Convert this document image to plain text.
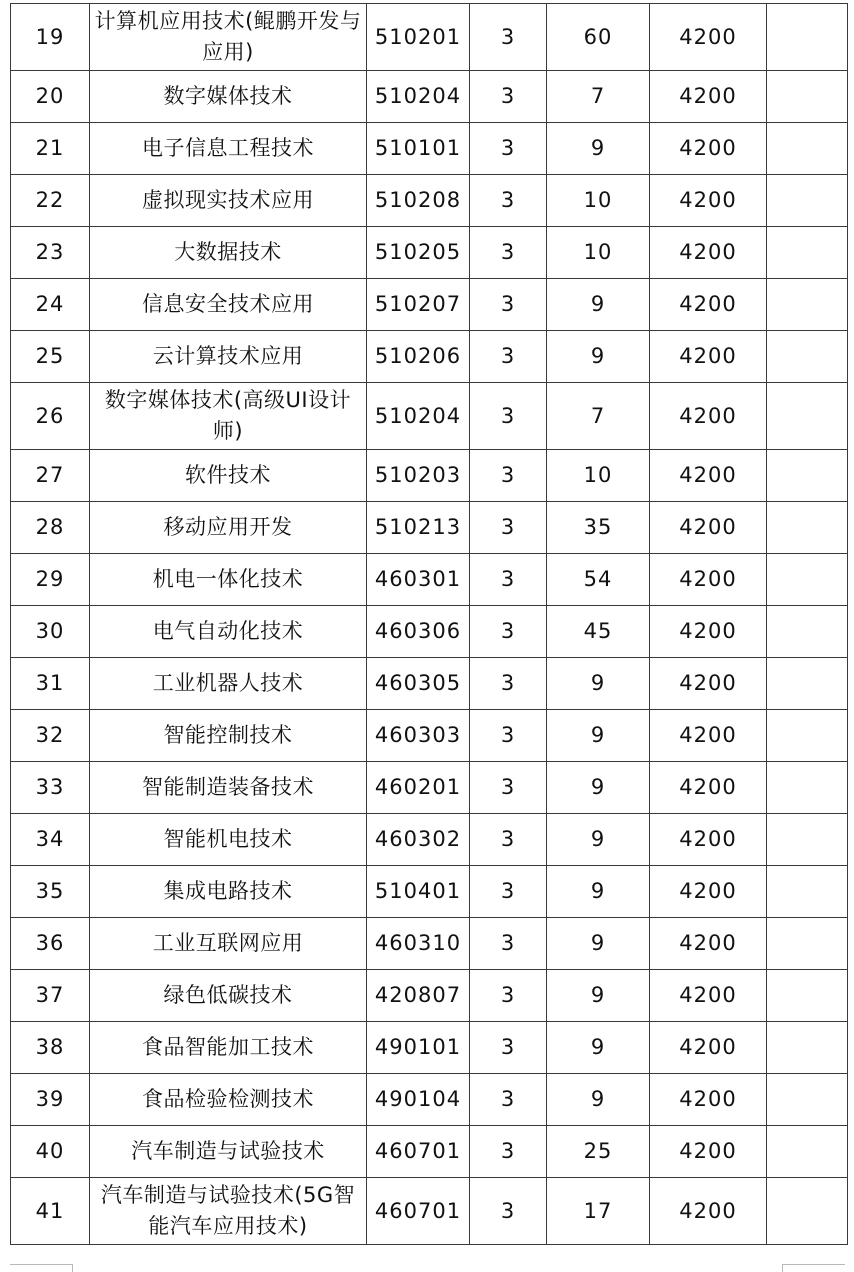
19	计算机应用技术(鲲鹏开发与应用)	510201	3	60	4200	
20	数字媒体技术	510204	3	7	4200	
21	电子信息工程技术	510101	3	9	4200	
22	虚拟现实技术应用	510208	3	10	4200	
23	大数据技术	510205	3	10	4200	
24	信息安全技术应用	510207	3	9	4200	
25	云计算技术应用	510206	3	9	4200	
26	数字媒体技术(高级UI设计师)	510204	3	7	4200	
27	软件技术	510203	3	10	4200	
28	移动应用开发	510213	3	35	4200	
29	机电一体化技术	460301	3	54	4200	
30	电气自动化技术	460306	3	45	4200	
31	工业机器人技术	460305	3	9	4200	
32	智能控制技术	460303	3	9	4200	
33	智能制造装备技术	460201	3	9	4200	
34	智能机电技术	460302	3	9	4200	
35	集成电路技术	510401	3	9	4200	
36	工业互联网应用	460310	3	9	4200	
37	绿色低碳技术	420807	3	9	4200	
38	食品智能加工技术	490101	3	9	4200	
39	食品检验检测技术	490104	3	9	4200	
40	汽车制造与试验技术	460701	3	25	4200	
41	汽车制造与试验技术(5G智能汽车应用技术)	460701	3	17	4200	
